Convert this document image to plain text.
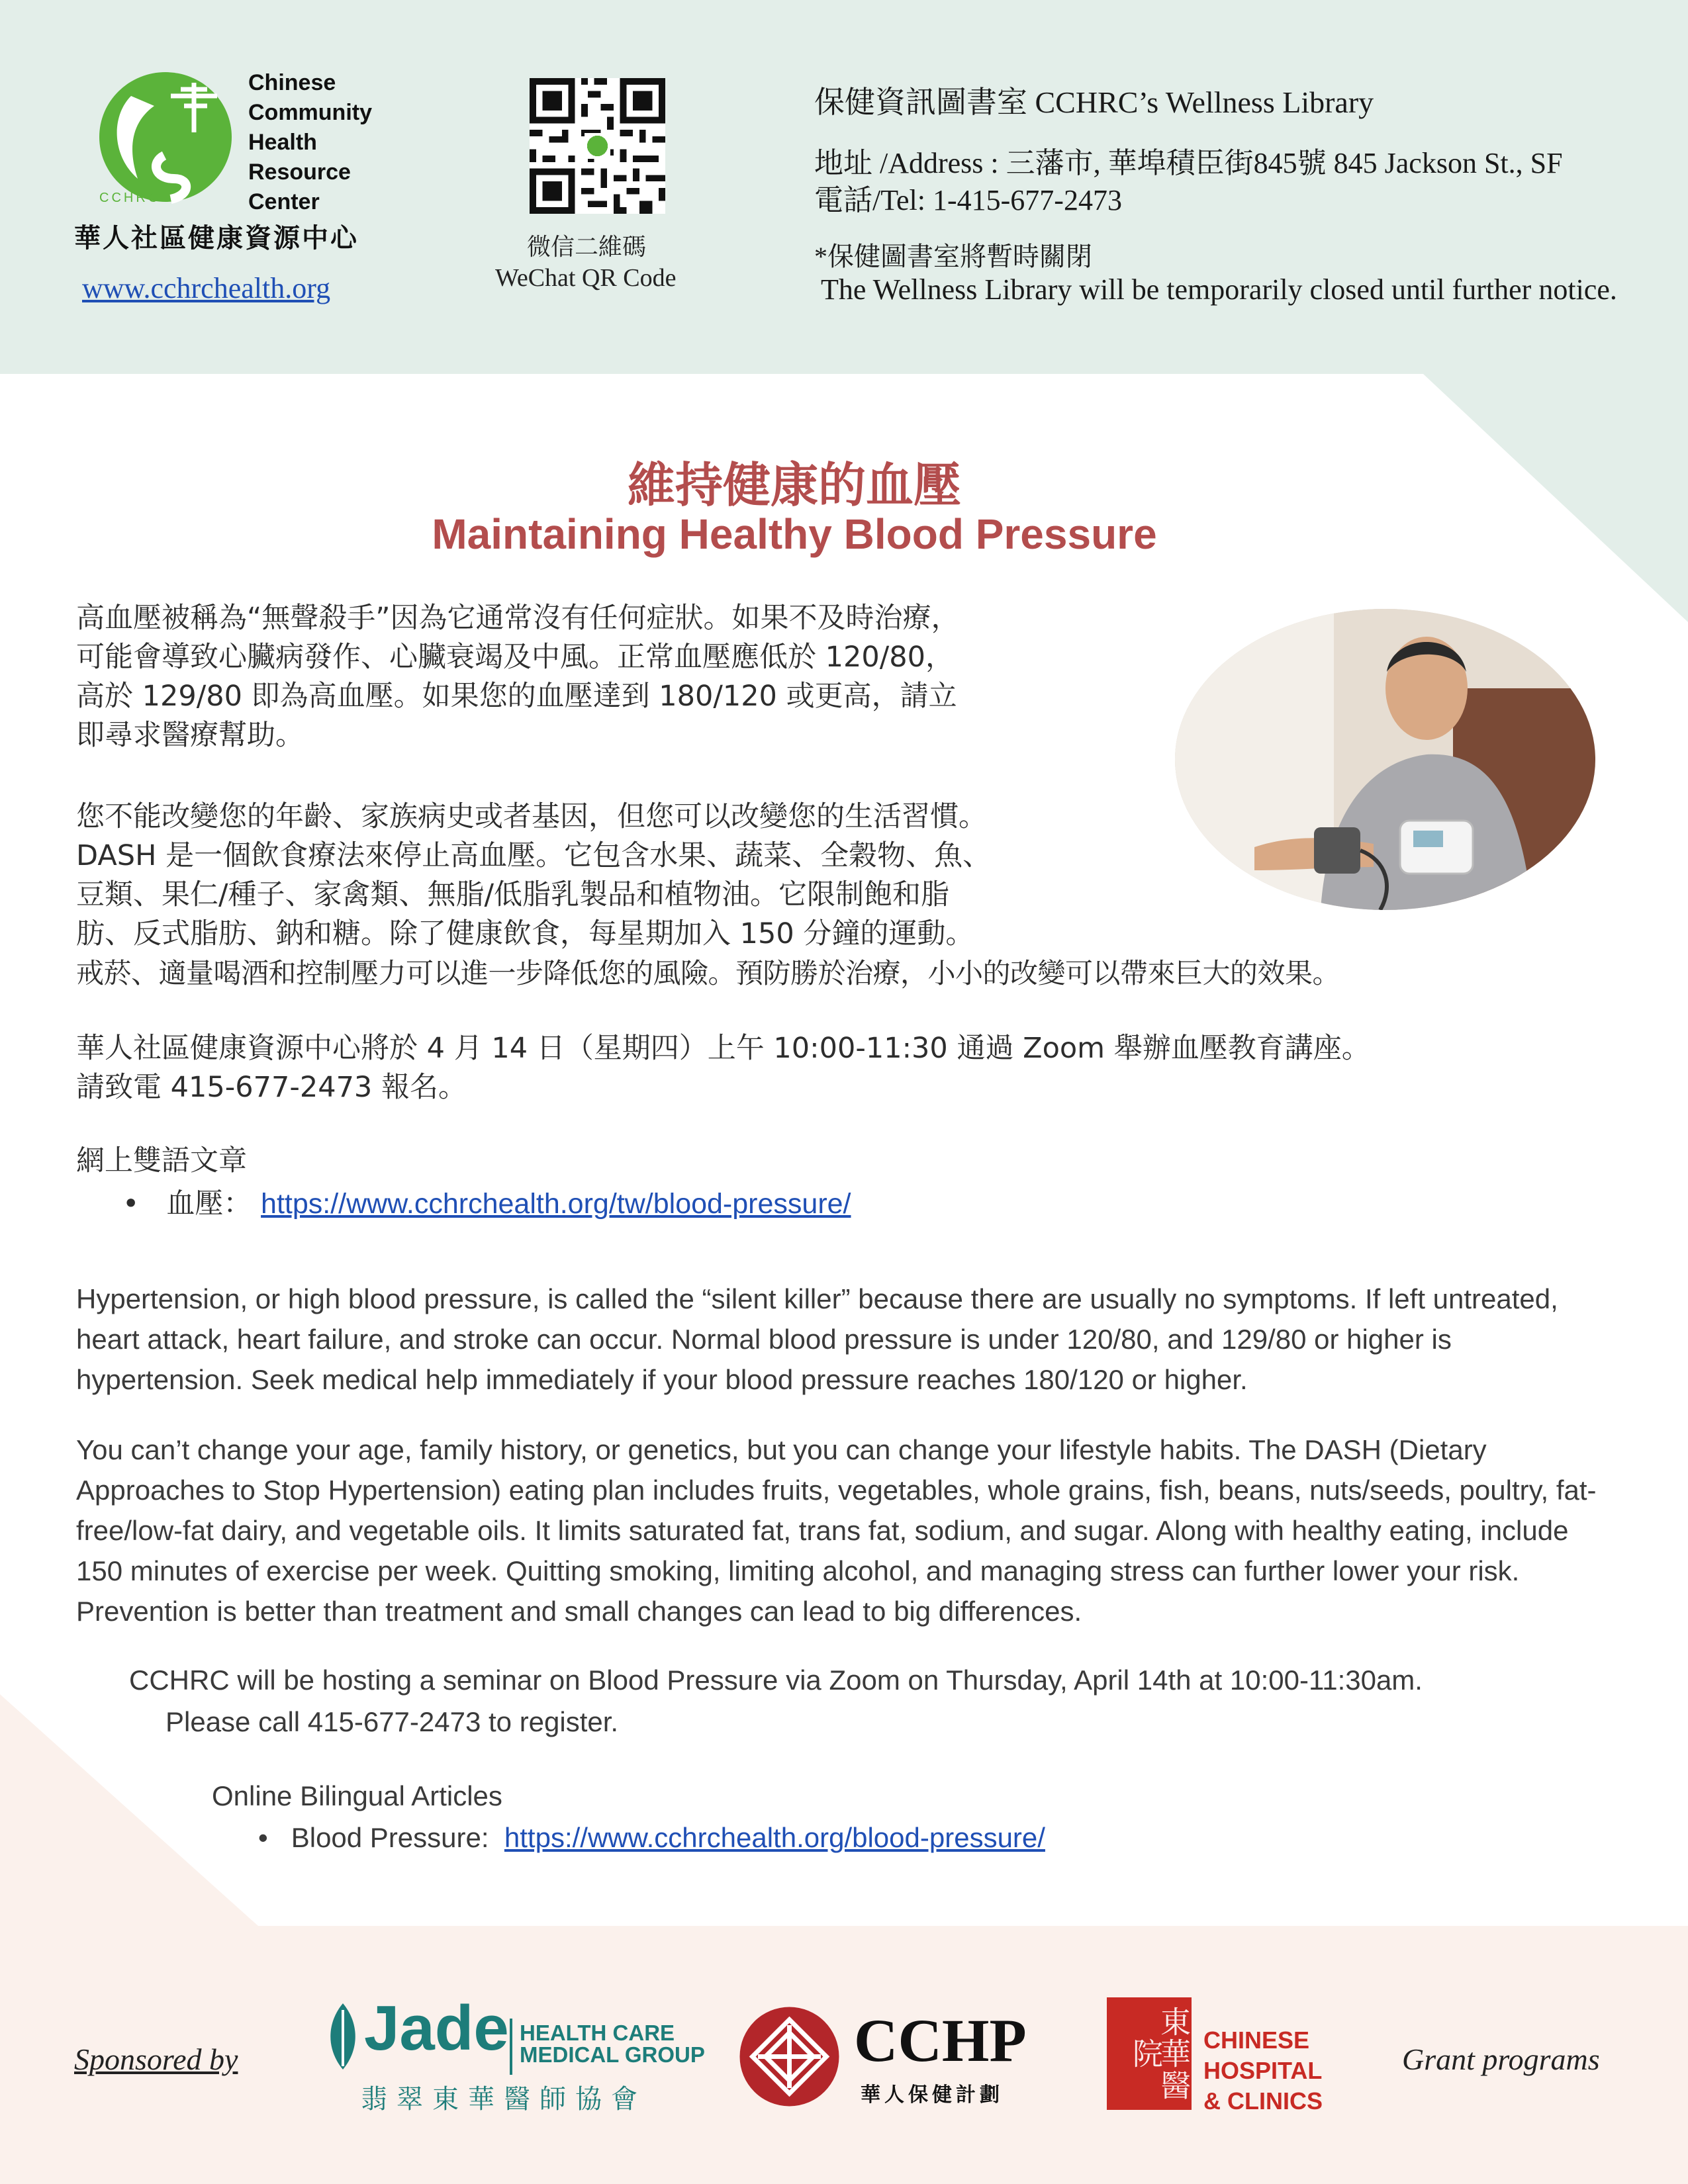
CCHRC
Chinese
Community
Health
Resource
Center
華人社區健康資源中心
www.cchrchealth.org
微信二維碼
WeChat QR Code
保健資訊圖書室 CCHRC’s Wellness Library
地址 /Address : 三藩市, 華埠積臣街845號 845 Jackson St., SF
電話/Tel: 1-415-677-2473
*保健圖書室將暫時關閉
The Wellness Library will be temporarily closed until further notice.
維持健康的血壓
Maintaining Healthy Blood Pressure
高血壓被稱為“無聲殺手”因為它通常沒有任何症狀。如果不及時治療，
可能會導致心臟病發作、心臟衰竭及中風。正常血壓應低於 120/80，
高於 129/80 即為高血壓。如果您的血壓達到 180/120 或更高，請立
即尋求醫療幫助。
您不能改變您的年齡、家族病史或者基因，但您可以改變您的生活習慣。
DASH 是一個飲食療法來停止高血壓。它包含水果、蔬菜、全穀物、魚、
豆類、果仁/種子、家禽類、無脂/低脂乳製品和植物油。它限制飽和脂
肪、反式脂肪、鈉和糖。除了健康飲食，每星期加入 150 分鐘的運動。
戒菸、適量喝酒和控制壓力可以進一步降低您的風險。預防勝於治療，小小的改變可以帶來巨大的效果。
華人社區健康資源中心將於 4 月 14 日（星期四）上午 10:00-11:30 通過 Zoom 舉辦血壓教育講座。
請致電 415-677-2473 報名。
網上雙語文章
•   血壓： https://www.cchrchealth.org/tw/blood-pressure/

Hypertension, or high blood pressure, is called the “silent killer” because there are usually no symptoms. If left untreated, heart attack, heart failure, and stroke can occur. Normal blood pressure is under 120/80, and 129/80 or higher is hypertension. Seek medical help immediately if your blood pressure reaches 180/120 or higher.

You can’t change your age, family history, or genetics, but you can change your lifestyle habits. The DASH (Dietary Approaches to Stop Hypertension) eating plan includes fruits, vegetables, whole grains, fish, beans, nuts/seeds, poultry, fat-free/low-fat dairy, and vegetable oils. It limits saturated fat, trans fat, sodium, and sugar. Along with healthy eating, include 150 minutes of exercise per week. Quitting smoking, limiting alcohol, and managing stress can further lower your risk. Prevention is better than treatment and small changes can lead to big differences.

CCHRC will be hosting a seminar on Blood Pressure via Zoom on Thursday, April 14th at 10:00-11:30am.
Please call 415-677-2473 to register.
Online Bilingual Articles
•   Blood Pressure: https://www.cchrchealth.org/blood-pressure/
Sponsored by Jade HEALTH CARE
MEDICAL GROUP
翡翠東華醫師協會
CCHP
華人保健計劃	東華醫院	CHINESE
HOSPITAL
& CLINICS
Grant programs
